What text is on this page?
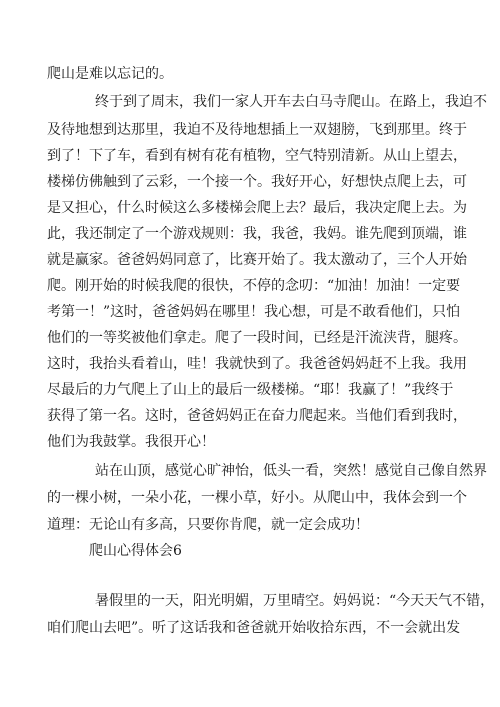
爬山是难以忘记的。
终于到了周末，我们一家人开车去白马寺爬山。在路上，我迫不
及待地想到达那里，我迫不及待地想插上一双翅膀，飞到那里。终于
到了！下了车，看到有树有花有植物，空气特别清新。从山上望去，
楼梯仿佛触到了云彩，一个接一个。我好开心，好想快点爬上去，可
是又担心，什么时候这么多楼梯会爬上去？最后，我决定爬上去。为
此，我还制定了一个游戏规则：我，我爸，我妈。谁先爬到顶端，谁
就是赢家。爸爸妈妈同意了，比赛开始了。我太激动了，三个人开始
爬。刚开始的时候我爬的很快，不停的念叨：“加油！加油！一定要
考第一！”这时，爸爸妈妈在哪里！我心想，可是不敢看他们，只怕
他们的一等奖被他们拿走。爬了一段时间，已经是汗流浃背，腿疼。
这时，我抬头看着山，哇！我就快到了。我爸爸妈妈赶不上我。我用
尽最后的力气爬上了山上的最后一级楼梯。“耶！我赢了！”我终于
获得了第一名。这时，爸爸妈妈正在奋力爬起来。当他们看到我时，
他们为我鼓掌。我很开心！
站在山顶，感觉心旷神怡，低头一看，突然！感觉自己像自然界
的一棵小树，一朵小花，一棵小草，好小。从爬山中，我体会到一个
道理：无论山有多高，只要你肯爬，就一定会成功！
爬山心得体会6
暑假里的一天，阳光明媚，万里晴空。妈妈说：“今天天气不错，
咱们爬山去吧”。听了这话我和爸爸就开始收拾东西，不一会就出发
